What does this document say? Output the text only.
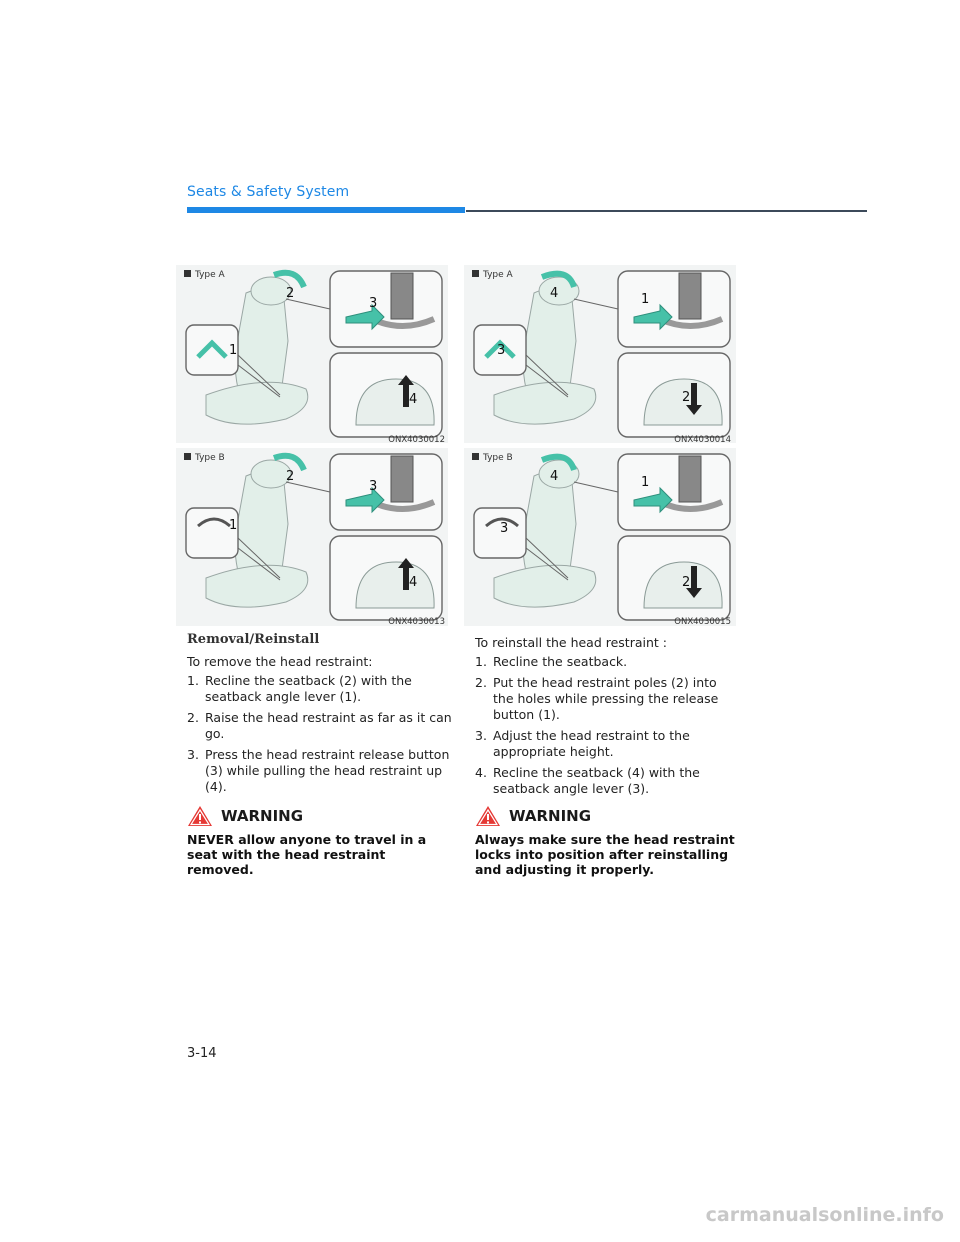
Seats & Safety System
2
3
1
4
Type A
ONX4030012
2
3
1
4
Type B
ONX4030013
4	1
3
2
Type A
ONX4030014
4	1
3
2
Type B
ONX4030015
Removal/Reinstall
To remove the head restraint:
1. Recline the seatback (2) with the seatback angle lever (1).
2. Raise the head restraint as far as it can go.
3. Press the head restraint release button (3) while pulling the head restraint up (4).
WARNING
NEVER allow anyone to travel in a seat with the head restraint removed.
To reinstall the head restraint :
1. Recline the seatback.
2. Put the head restraint poles (2) into the holes while pressing the release button (1).
3. Adjust the head restraint to the appropriate height.
4. Recline the seatback (4) with the seatback angle lever (3).
WARNING
Always make sure the head restraint locks into position after reinstalling and adjusting it properly.
3-14
carmanualsonline.info
